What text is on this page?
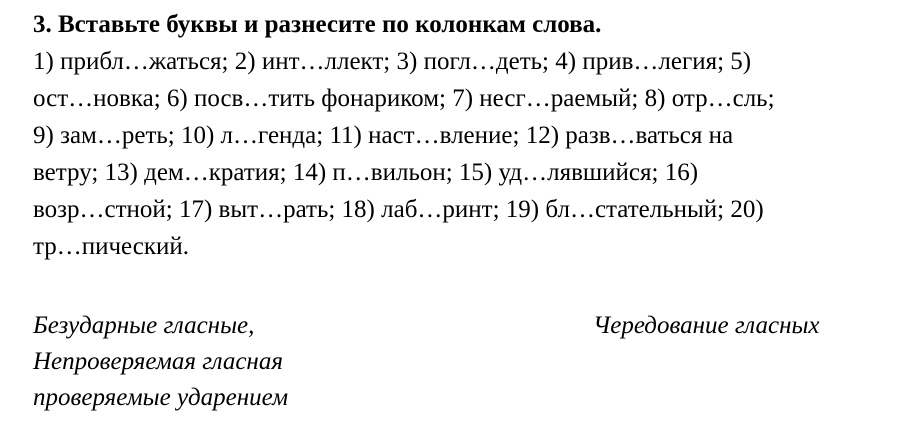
3. Вставьте буквы и разнесите по колонкам слова.
1) прибл…жаться; 2) инт…ллект; 3) погл…деть; 4) прив…легия; 5)
ост…новка; 6) посв…тить фонариком; 7) несг…раемый; 8) отр…сль;
9) зам…реть; 10) л…генда; 11) наст…вление; 12) разв…ваться на
ветру; 13) дем…кратия; 14) п…вильон; 15) уд…лявшийся; 16)
возр…стной; 17) выт…рать; 18) лаб…ринт; 19) бл…стательный; 20)
тр…пический.

Безударные гласные,
Непроверяемая гласная
проверяемые ударением
Чередование гласных
